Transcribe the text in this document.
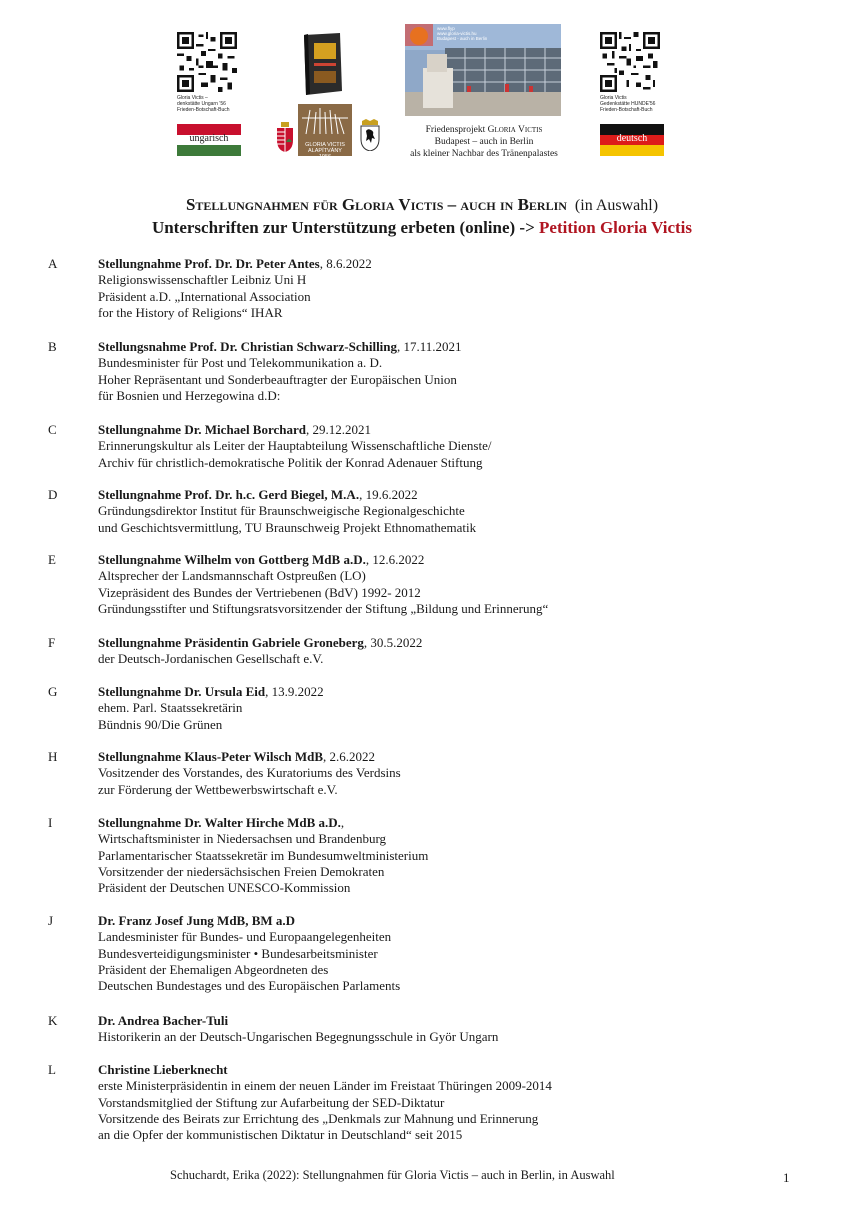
Gloria Victis –
denkstätte Ungarn ’56
Frieden-Botschaft-Buch
ungarisch
GLORIA VICTIS
ALAPÍTVÁNY
1956
www.flyp
www.gloria-victis.hu
Budapest - auch in Berlin
Friedensprojekt Gloria Victis
Budapest – auch in Berlin
als kleiner Nachbar des Tränenpalastes
Gloria Victis
Gedenkstätte HUNDE'56
Frieden-Botschaft-Buch
deutsch
Stellungnahmen für Gloria Victis – auch in Berlin (in Auswahl)
Unterschriften zur Unterstützung erbeten (online) -> Petition Gloria Victis
A	Stellungnahme Prof. Dr. Dr. Peter Antes, 8.6.2022
Religionswissenschaftler Leibniz Uni H
Präsident a.D. „International Association
for the History of Religions“ IHAR
B	Stellungsnahme Prof. Dr. Christian Schwarz-Schilling, 17.11.2021
Bundesminister für Post und Telekommunikation a. D.
Hoher Repräsentant und Sonderbeauftragter der Europäischen Union
für Bosnien und Herzegowina d.D:
C	Stellungnahme Dr. Michael Borchard, 29.12.2021
Erinnerungskultur als Leiter der Hauptabteilung Wissenschaftliche Dienste/
Archiv für christlich-demokratische Politik der Konrad Adenauer Stiftung
D	Stellungnahme Prof. Dr. h.c. Gerd Biegel, M.A., 19.6.2022
Gründungsdirektor Institut für Braunschweigische Regionalgeschichte
und Geschichtsvermittlung, TU Braunschweig Projekt Ethnomathematik
E	Stellungnahme Wilhelm von Gottberg MdB a.D., 12.6.2022
Altsprecher der Landsmannschaft Ostpreußen (LO)
Vizepräsident des Bundes der Vertriebenen (BdV) 1992- 2012
Gründungsstifter und Stiftungsratsvorsitzender der Stiftung „Bildung und Erinnerung“
F	Stellungnahme Präsidentin Gabriele Groneberg, 30.5.2022
der Deutsch-Jordanischen Gesellschaft e.V.
G	Stellungnahme Dr. Ursula Eid, 13.9.2022
ehem. Parl. Staatssekretärin
Bündnis 90/Die Grünen
H	Stellungnahme Klaus-Peter Wilsch MdB, 2.6.2022
Vositzender des Vorstandes, des Kuratoriums des Verdsins
zur Förderung der Wettbewerbswirtschaft e.V.
I	Stellungnahme Dr. Walter Hirche MdB a.D.,
Wirtschaftsminister in Niedersachsen und Brandenburg
Parlamentarischer Staatssekretär im Bundesumweltministerium
Vorsitzender der niedersächsischen Freien Demokraten
Präsident der Deutschen UNESCO-Kommission
J	Dr. Franz Josef Jung MdB, BM a.D
Landesminister für Bundes- und Europaangelegenheiten
Bundesverteidigungsminister • Bundesarbeitsminister
Präsident der Ehemaligen Abgeordneten des
Deutschen Bundestages und des Europäischen Parlaments
K	Dr. Andrea Bacher-Tuli
Historikerin an der Deutsch-Ungarischen Begegnungsschule in Györ Ungarn
L	Christine Lieberknecht
erste Ministerpräsidentin in einem der neuen Länder im Freistaat Thüringen 2009-2014
Vorstandsmitglied der Stiftung zur Aufarbeitung der SED-Diktatur
Vorsitzende des Beirats zur Errichtung des „Denkmals zur Mahnung und Erinnerung
an die Opfer der kommunistischen Diktatur in Deutschland“ seit 2015
Schuchardt, Erika (2022): Stellungnahmen für Gloria Victis – auch in Berlin, in Auswahl	1
